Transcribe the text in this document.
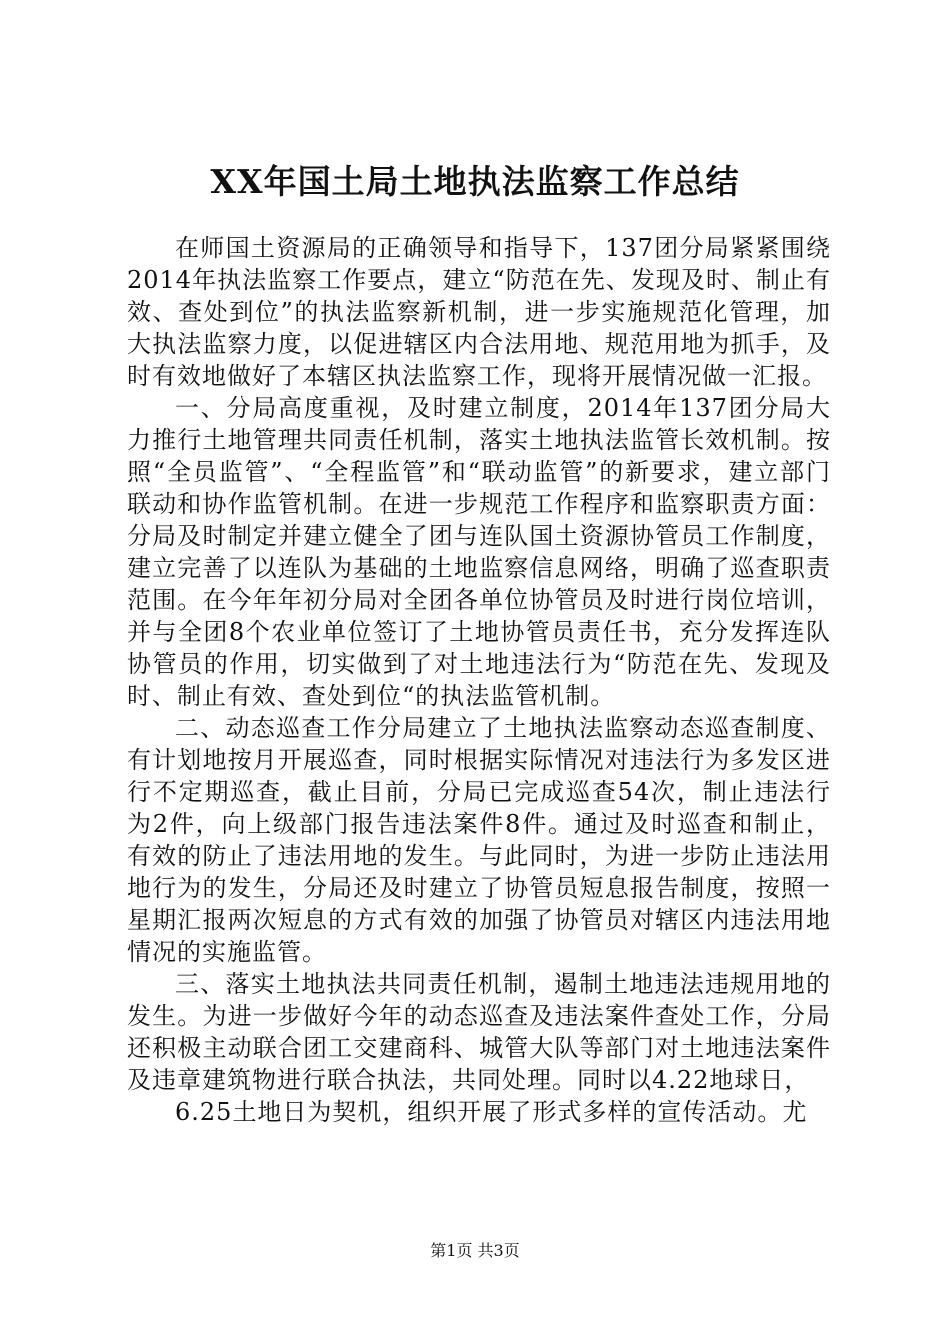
XX年国土局土地执法监察工作总结

在师国土资源局的正确领导和指导下，137团分局紧紧围绕2014年执法监察工作要点，建立“防范在先、发现及时、制止有效、查处到位”的执法监察新机制，进一步实施规范化管理，加大执法监察力度，以促进辖区内合法用地、规范用地为抓手，及时有效地做好了本辖区执法监察工作，现将开展情况做一汇报。

一、分局高度重视，及时建立制度，2014年137团分局大力推行土地管理共同责任机制，落实土地执法监管长效机制。按照“全员监管”、“全程监管”和“联动监管”的新要求，建立部门联动和协作监管机制。在进一步规范工作程序和监察职责方面：分局及时制定并建立健全了团与连队国土资源协管员工作制度，建立完善了以连队为基础的土地监察信息网络，明确了巡查职责范围。在今年年初分局对全团各单位协管员及时进行岗位培训，并与全团8个农业单位签订了土地协管员责任书，充分发挥连队协管员的作用，切实做到了对土地违法行为“防范在先、发现及时、制止有效、查处到位“的执法监管机制。

二、动态巡查工作分局建立了土地执法监察动态巡查制度、有计划地按月开展巡查，同时根据实际情况对违法行为多发区进行不定期巡查，截止目前，分局已完成巡查54次，制止违法行为2件，向上级部门报告违法案件8件。通过及时巡查和制止，有效的防止了违法用地的发生。与此同时，为进一步防止违法用地行为的发生，分局还及时建立了协管员短息报告制度，按照一星期汇报两次短息的方式有效的加强了协管员对辖区内违法用地情况的实施监管。

三、落实土地执法共同责任机制，遏制土地违法违规用地的发生。为进一步做好今年的动态巡查及违法案件查处工作，分局还积极主动联合团工交建商科、城管大队等部门对土地违法案件及违章建筑物进行联合执法，共同处理。同时以4.22地球日，

6.25土地日为契机，组织开展了形式多样的宣传活动。尤

第1页 共3页
